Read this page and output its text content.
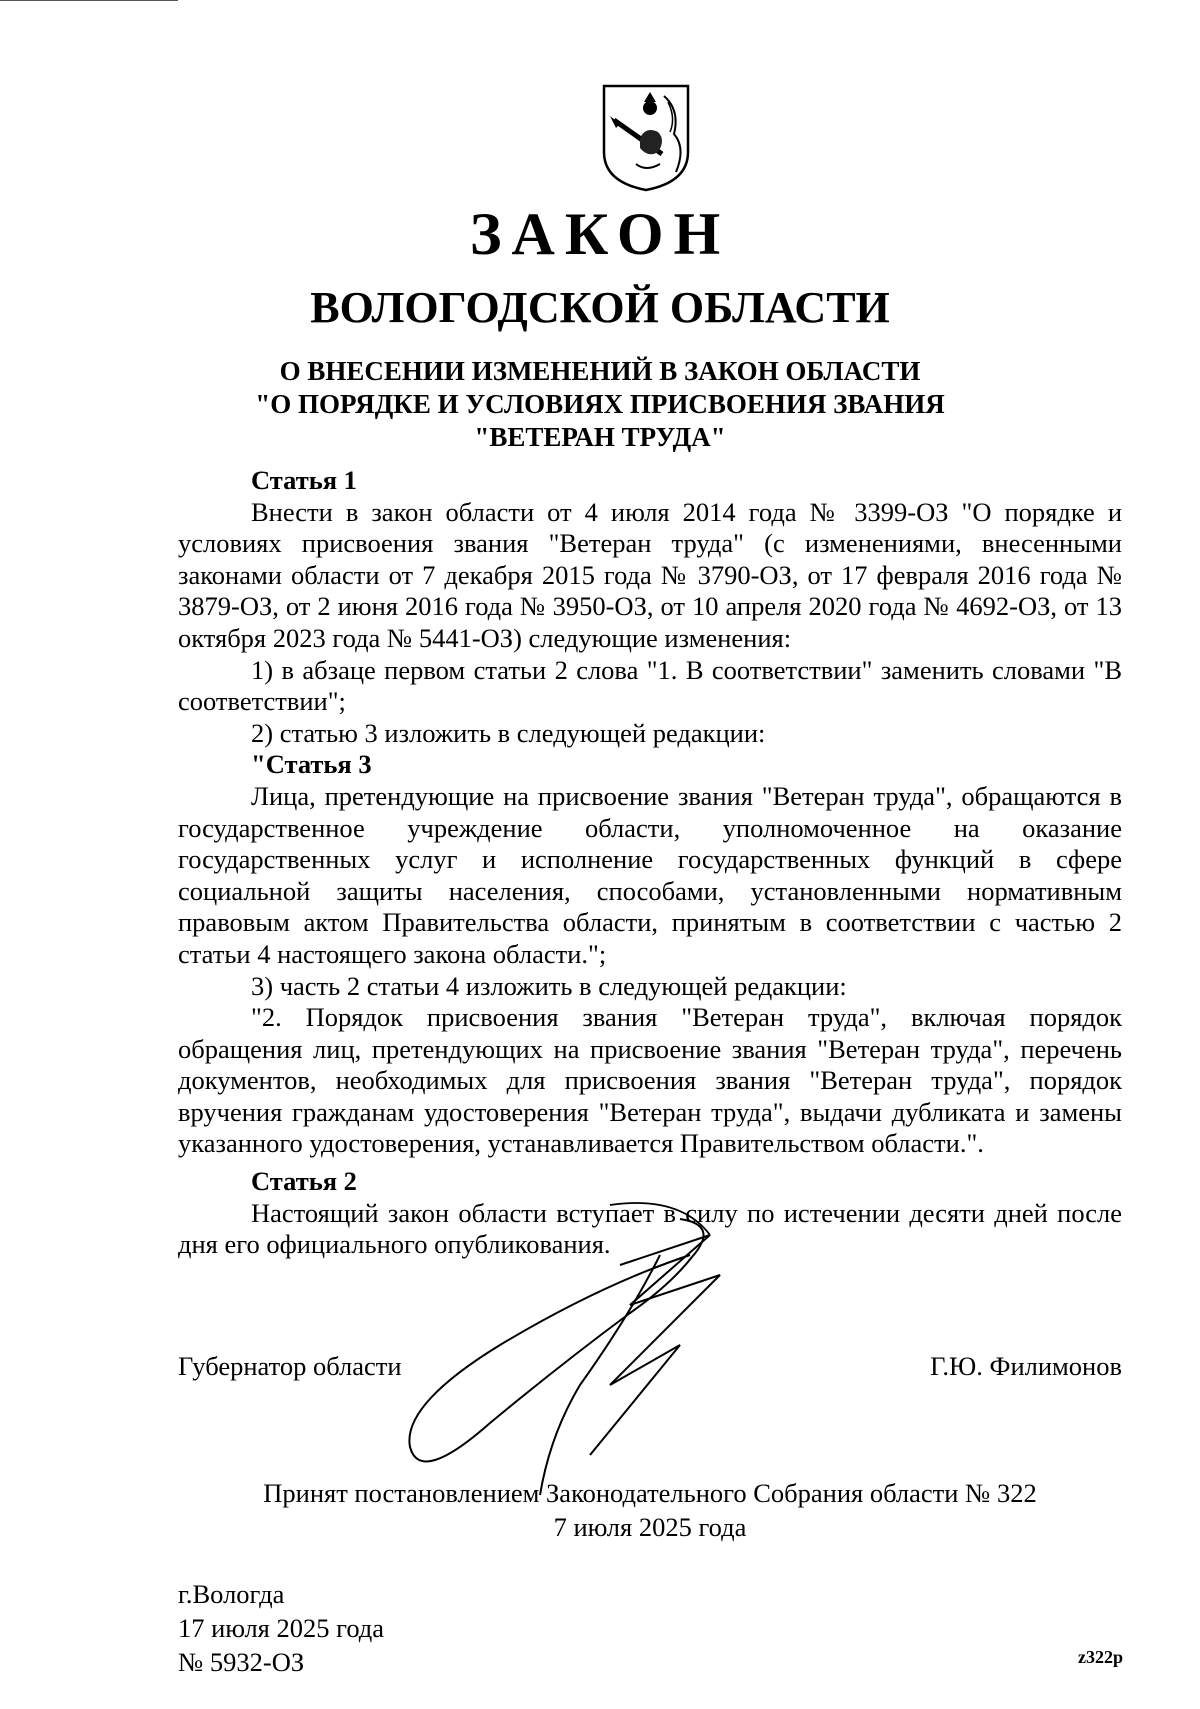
ЗАКОН
ВОЛОГОДСКОЙ ОБЛАСТИ
О ВНЕСЕНИИ ИЗМЕНЕНИЙ В ЗАКОН ОБЛАСТИ
"О ПОРЯДКЕ И УСЛОВИЯХ ПРИСВОЕНИЯ ЗВАНИЯ
"ВЕТЕРАН ТРУДА"

Статья 1

Внести в закон области от 4 июля 2014 года № 3399-ОЗ "О порядке и условиях присвоения звания "Ветеран труда" (с изменениями, внесенными законами области от 7 декабря 2015 года № 3790-ОЗ, от 17 февраля 2016 года № 3879-ОЗ, от 2 июня 2016 года № 3950-ОЗ, от 10 апреля 2020 года № 4692-ОЗ, от 13 октября 2023 года № 5441-ОЗ) следующие изменения:

1) в абзаце первом статьи 2 слова "1. В соответствии" заменить словами "В соответствии";

2) статью 3 изложить в следующей редакции:

"Статья 3

Лица, претендующие на присвоение звания "Ветеран труда", обращаются в государственное учреждение области, уполномоченное на оказание государственных услуг и исполнение государственных функций в сфере социальной защиты населения, способами, установленными нормативным правовым актом Правительства области, принятым в соответствии с частью 2 статьи 4 настоящего закона области.";

3) часть 2 статьи 4 изложить в следующей редакции:

"2. Порядок присвоения звания "Ветеран труда", включая порядок обращения лиц, претендующих на присвоение звания "Ветеран труда", перечень документов, необходимых для присвоения звания "Ветеран труда", порядок вручения гражданам удостоверения "Ветеран труда", выдачи дубликата и замены указанного удостоверения, устанавливается Правительством области.".

Статья 2

Настоящий закон области вступает в силу по истечении десяти дней после дня его официального опубликования.

Губернатор области	Г.Ю. Филимонов
Принят постановлением Законодательного Собрания области № 322
7 июля 2025 года
г.Вологда
17 июля 2025 года
№ 5932-ОЗ	z322p
